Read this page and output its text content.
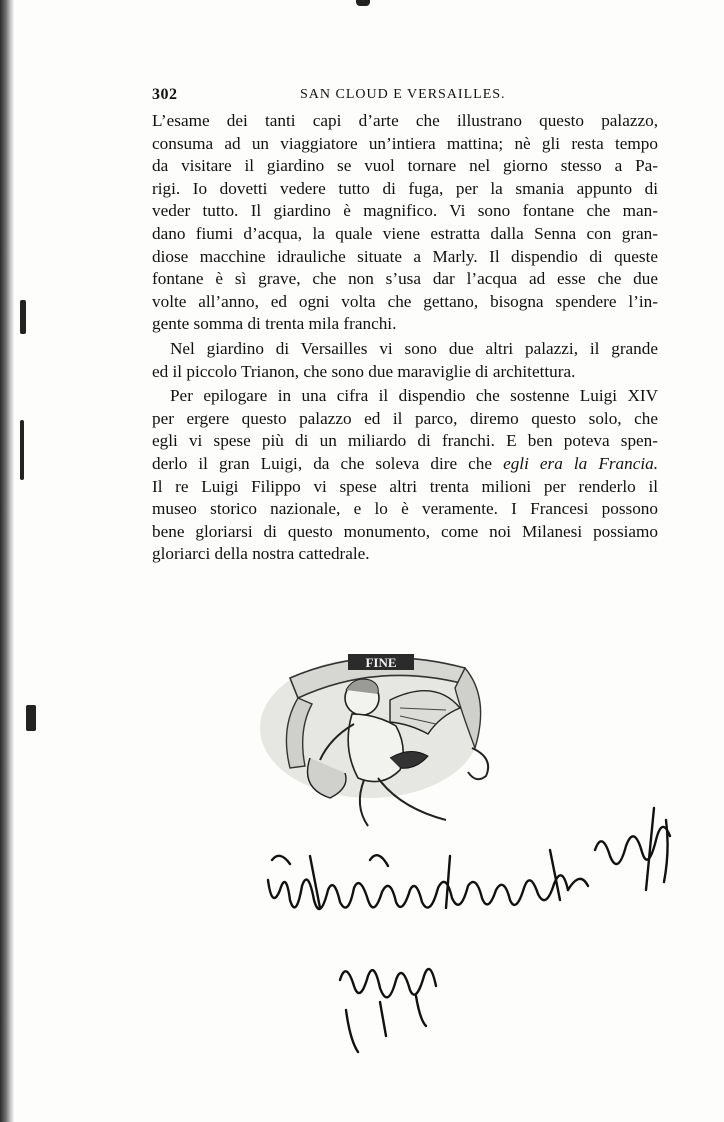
302	SAN CLOUD E VERSAILLES.
L’esame dei tanti capi d’arte che illustrano questo palazzo,
consuma ad un viaggiatore un’intiera mattina; nè gli resta tempo
da visitare il giardino se vuol tornare nel giorno stesso a Pa-
rigi. Io dovetti vedere tutto di fuga, per la smania appunto di
veder tutto. Il giardino è magnifico. Vi sono fontane che man-
dano fiumi d’acqua, la quale viene estratta dalla Senna con gran-
diose macchine idrauliche situate a Marly. Il dispendio di queste
fontane è sì grave, che non s’usa dar l’acqua ad esse che due
volte all’anno, ed ogni volta che gettano, bisogna spendere l’in-
gente somma di trenta mila franchi.
Nel giardino di Versailles vi sono due altri palazzi, il grande
ed il piccolo Trianon, che sono due maraviglie di architettura.
Per epilogare in una cifra il dispendio che sostenne Luigi XIV
per ergere questo palazzo ed il parco, diremo questo solo, che
egli vi spese più di un miliardo di franchi. E ben poteva spen-
derlo il gran Luigi, da che soleva dire che egli era la Francia.
Il re Luigi Filippo vi spese altri trenta milioni per renderlo il
museo storico nazionale, e lo è veramente. I Francesi possono
bene gloriarsi di questo monumento, come noi Milanesi possiamo
gloriarci della nostra cattedrale.
FINE
